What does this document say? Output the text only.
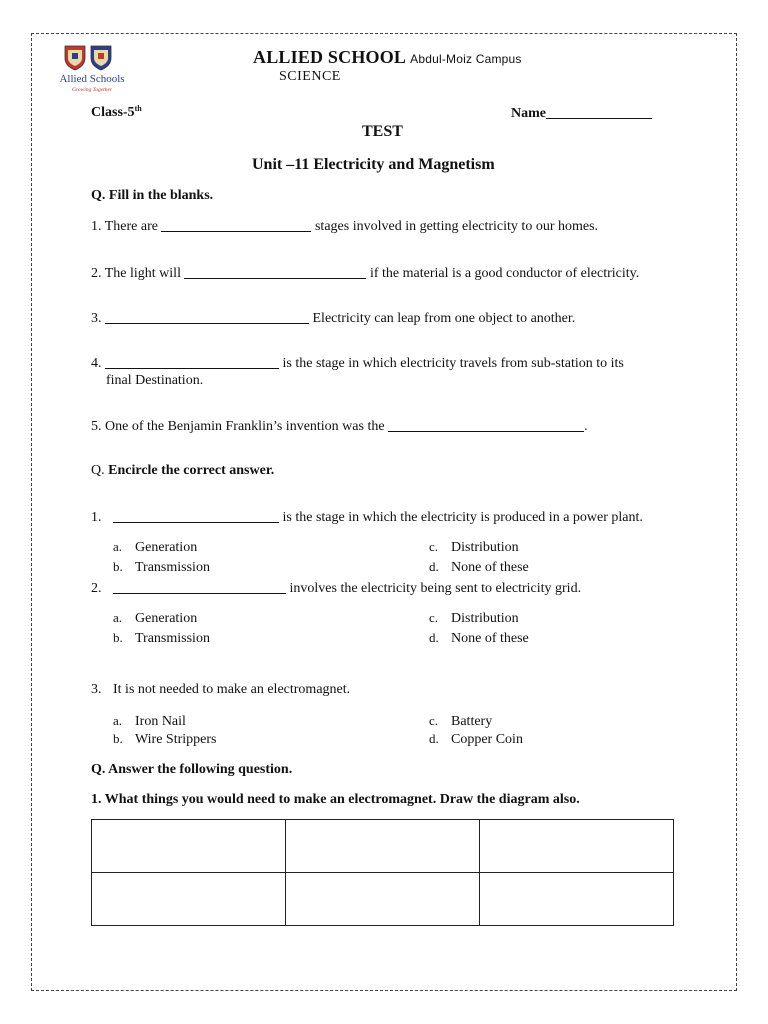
Allied Schools
Growing Together
ALLIED SCHOOL Abdul-Moiz Campus
SCIENCE
Class-5th	Name
TEST
Unit –11 Electricity and Magnetism
Q. Fill in the blanks.
1. There are	stages involved in getting electricity to our homes.
2. The light will	if the material is a good conductor of electricity.
3.	Electricity can leap from one object to another.
4.	is the stage in which electricity travels from sub-station to its
final Destination.
5. One of the Benjamin Franklin’s invention was the	.
Q. Encircle the correct answer.
1.	is the stage in which the electricity is produced in a power plant.
a. Generation
b. Transmission
c. Distribution
d. None of these
2.	involves the electricity being sent to electricity grid.
a. Generation
b. Transmission
c. Distribution
d. None of these
3. It is not needed to make an electromagnet.
a. Iron Nail
b. Wire Strippers
c. Battery
d. Copper Coin
Q. Answer the following question.
1. What things you would need to make an electromagnet. Draw the diagram also.
